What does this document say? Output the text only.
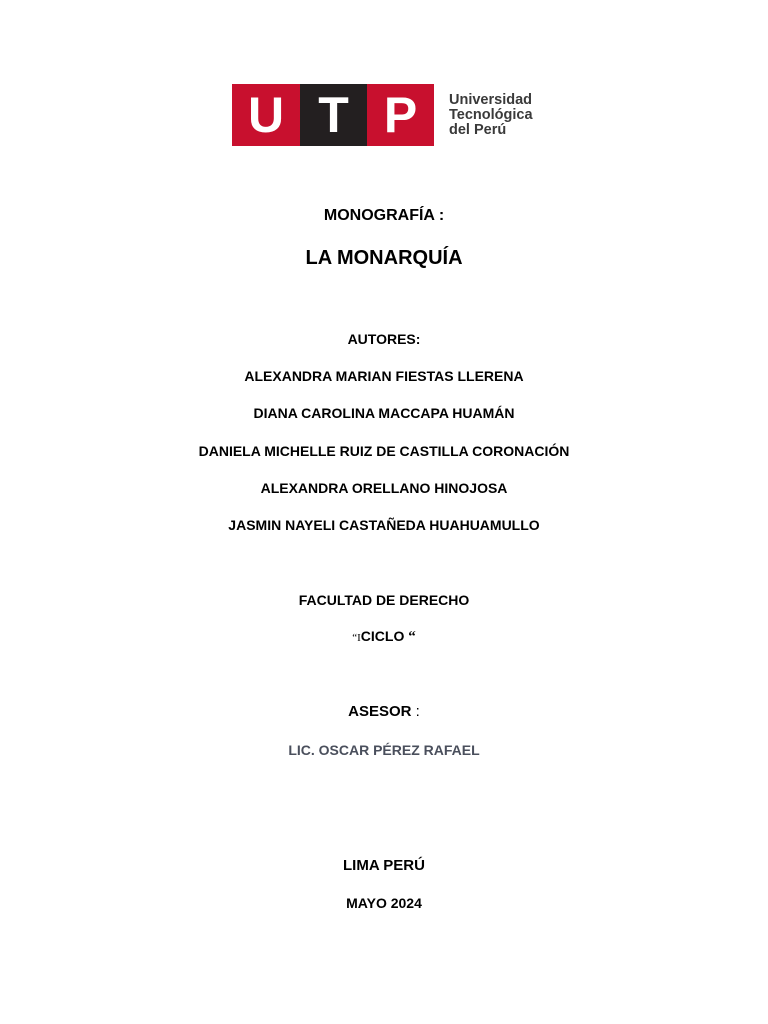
U T P	Universidad
Tecnológica
del Perú
MONOGRAFÍA :
LA MONARQUÍA
AUTORES:
ALEXANDRA MARIAN FIESTAS LLERENA
DIANA CAROLINA MACCAPA HUAMÁN
DANIELA MICHELLE RUIZ DE CASTILLA CORONACIÓN
ALEXANDRA ORELLANO HINOJOSA
JASMIN NAYELI CASTAÑEDA HUAHUAMULLO
FACULTAD DE DERECHO
“ICICLO “
ASESOR :
LIC. OSCAR PÉREZ RAFAEL
LIMA PERÚ
MAYO 2024
